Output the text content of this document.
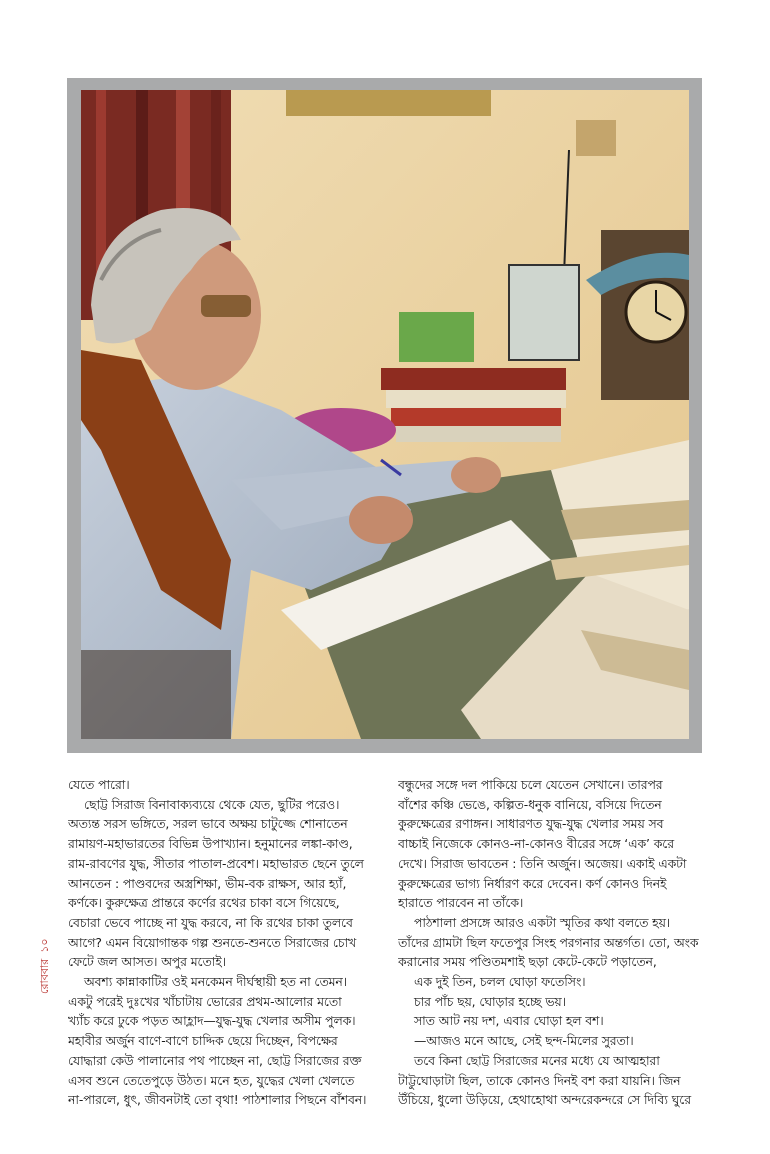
যেতে পারো।

ছোট্ট সিরাজ বিনাবাক্যব্যয়ে থেকে যেত, ছুটির পরেও।

অত্যন্ত সরস ভঙ্গিতে, সরল ভাবে অক্ষয় চাটুজ্জে শোনাতেন

রামায়ণ-মহাভারতের বিভিন্ন উপাখ্যান। হনুমানের লঙ্কা-কাণ্ড,

রাম-রাবণের যুদ্ধ, সীতার পাতাল-প্রবেশ। মহাভারত ছেনে তুলে

আনতেন : পাণ্ডবদের অস্ত্রশিক্ষা, ভীম-বক রাক্ষস, আর হ্যাঁ,

কর্ণকে। কুরুক্ষেত্র প্রান্তরে কর্ণের রথের চাকা বসে গিয়েছে,

বেচারা ভেবে পাচ্ছে না যুদ্ধ করবে, না কি রথের চাকা তুলবে

আগে? এমন বিয়োগান্তক গল্প শুনতে-শুনতে সিরাজের চোখ

ফেটে জল আসত। অপুর মতোই।

অবশ্য কান্নাকাটির ওই মনকেমন দীর্ঘস্থায়ী হত না তেমন।

একটু পরেই দুঃখের খাঁচাটায় ভোরের প্রথম-আলোর মতো

খ্যাঁচ করে ঢুকে পড়ত আহ্লাদ—যুদ্ধ-যুদ্ধ খেলার অসীম পুলক।

মহাবীর অর্জুন বাণে-বাণে চাদ্দিক ছেয়ে দিচ্ছেন, বিপক্ষের

যোদ্ধারা কেউ পালানোর পথ পাচ্ছেন না, ছোট্ট সিরাজের রক্ত

এসব শুনে তেতেপুড়ে উঠত। মনে হত, যুদ্ধের খেলা খেলতে

না-পারলে, ধুৎ, জীবনটাই তো বৃথা! পাঠশালার পিছনে বাঁশবন।

বন্ধুদের সঙ্গে দল পাকিয়ে চলে যেতেন সেখানে। তারপর

বাঁশের কঞ্চি ভেঙে, কল্পিত-ধনুক বানিয়ে, বসিয়ে দিতেন

কুরুক্ষেত্রের রণাঙ্গন। সাধারণত যুদ্ধ-যুদ্ধ খেলার সময় সব

বাচ্চাই নিজেকে কোনও-না-কোনও বীরের সঙ্গে ‘এক’ করে

দেখে। সিরাজ ভাবতেন : তিনি অর্জুন। অজেয়। একাই একটা

কুরুক্ষেত্রের ভাগ্য নির্ধারণ করে দেবেন। কর্ণ কোনও দিনই

হারাতে পারবেন না তাঁকে।

পাঠশালা প্রসঙ্গে আরও একটা স্মৃতির কথা বলতে হয়।

তাঁদের গ্রামটা ছিল ফতেপুর সিংহ পরগনার অন্তর্গত। তো, অংক

করানোর সময় পণ্ডিতমশাই ছড়া কেটে-কেটে পড়াতেন,

এক দুই তিন, চলল ঘোড়া ফতেসিং।

চার পাঁচ ছয়, ঘোড়ার হচ্ছে ভয়।

সাত আট নয় দশ, এবার ঘোড়া হল বশ।

—আজও মনে আছে, সেই ছন্দ-মিলের সুরতা।

তবে কিনা ছোট্ট সিরাজের মনের মধ্যে যে আত্মহারা

টাট্টুঘোড়াটা ছিল, তাকে কোনও দিনই বশ করা যায়নি। জিন

উঁচিয়ে, ধুলো উড়িয়ে, হেথাহোথা অন্দরেকন্দরে সে দিব্যি ঘুরে

রোববার১০
